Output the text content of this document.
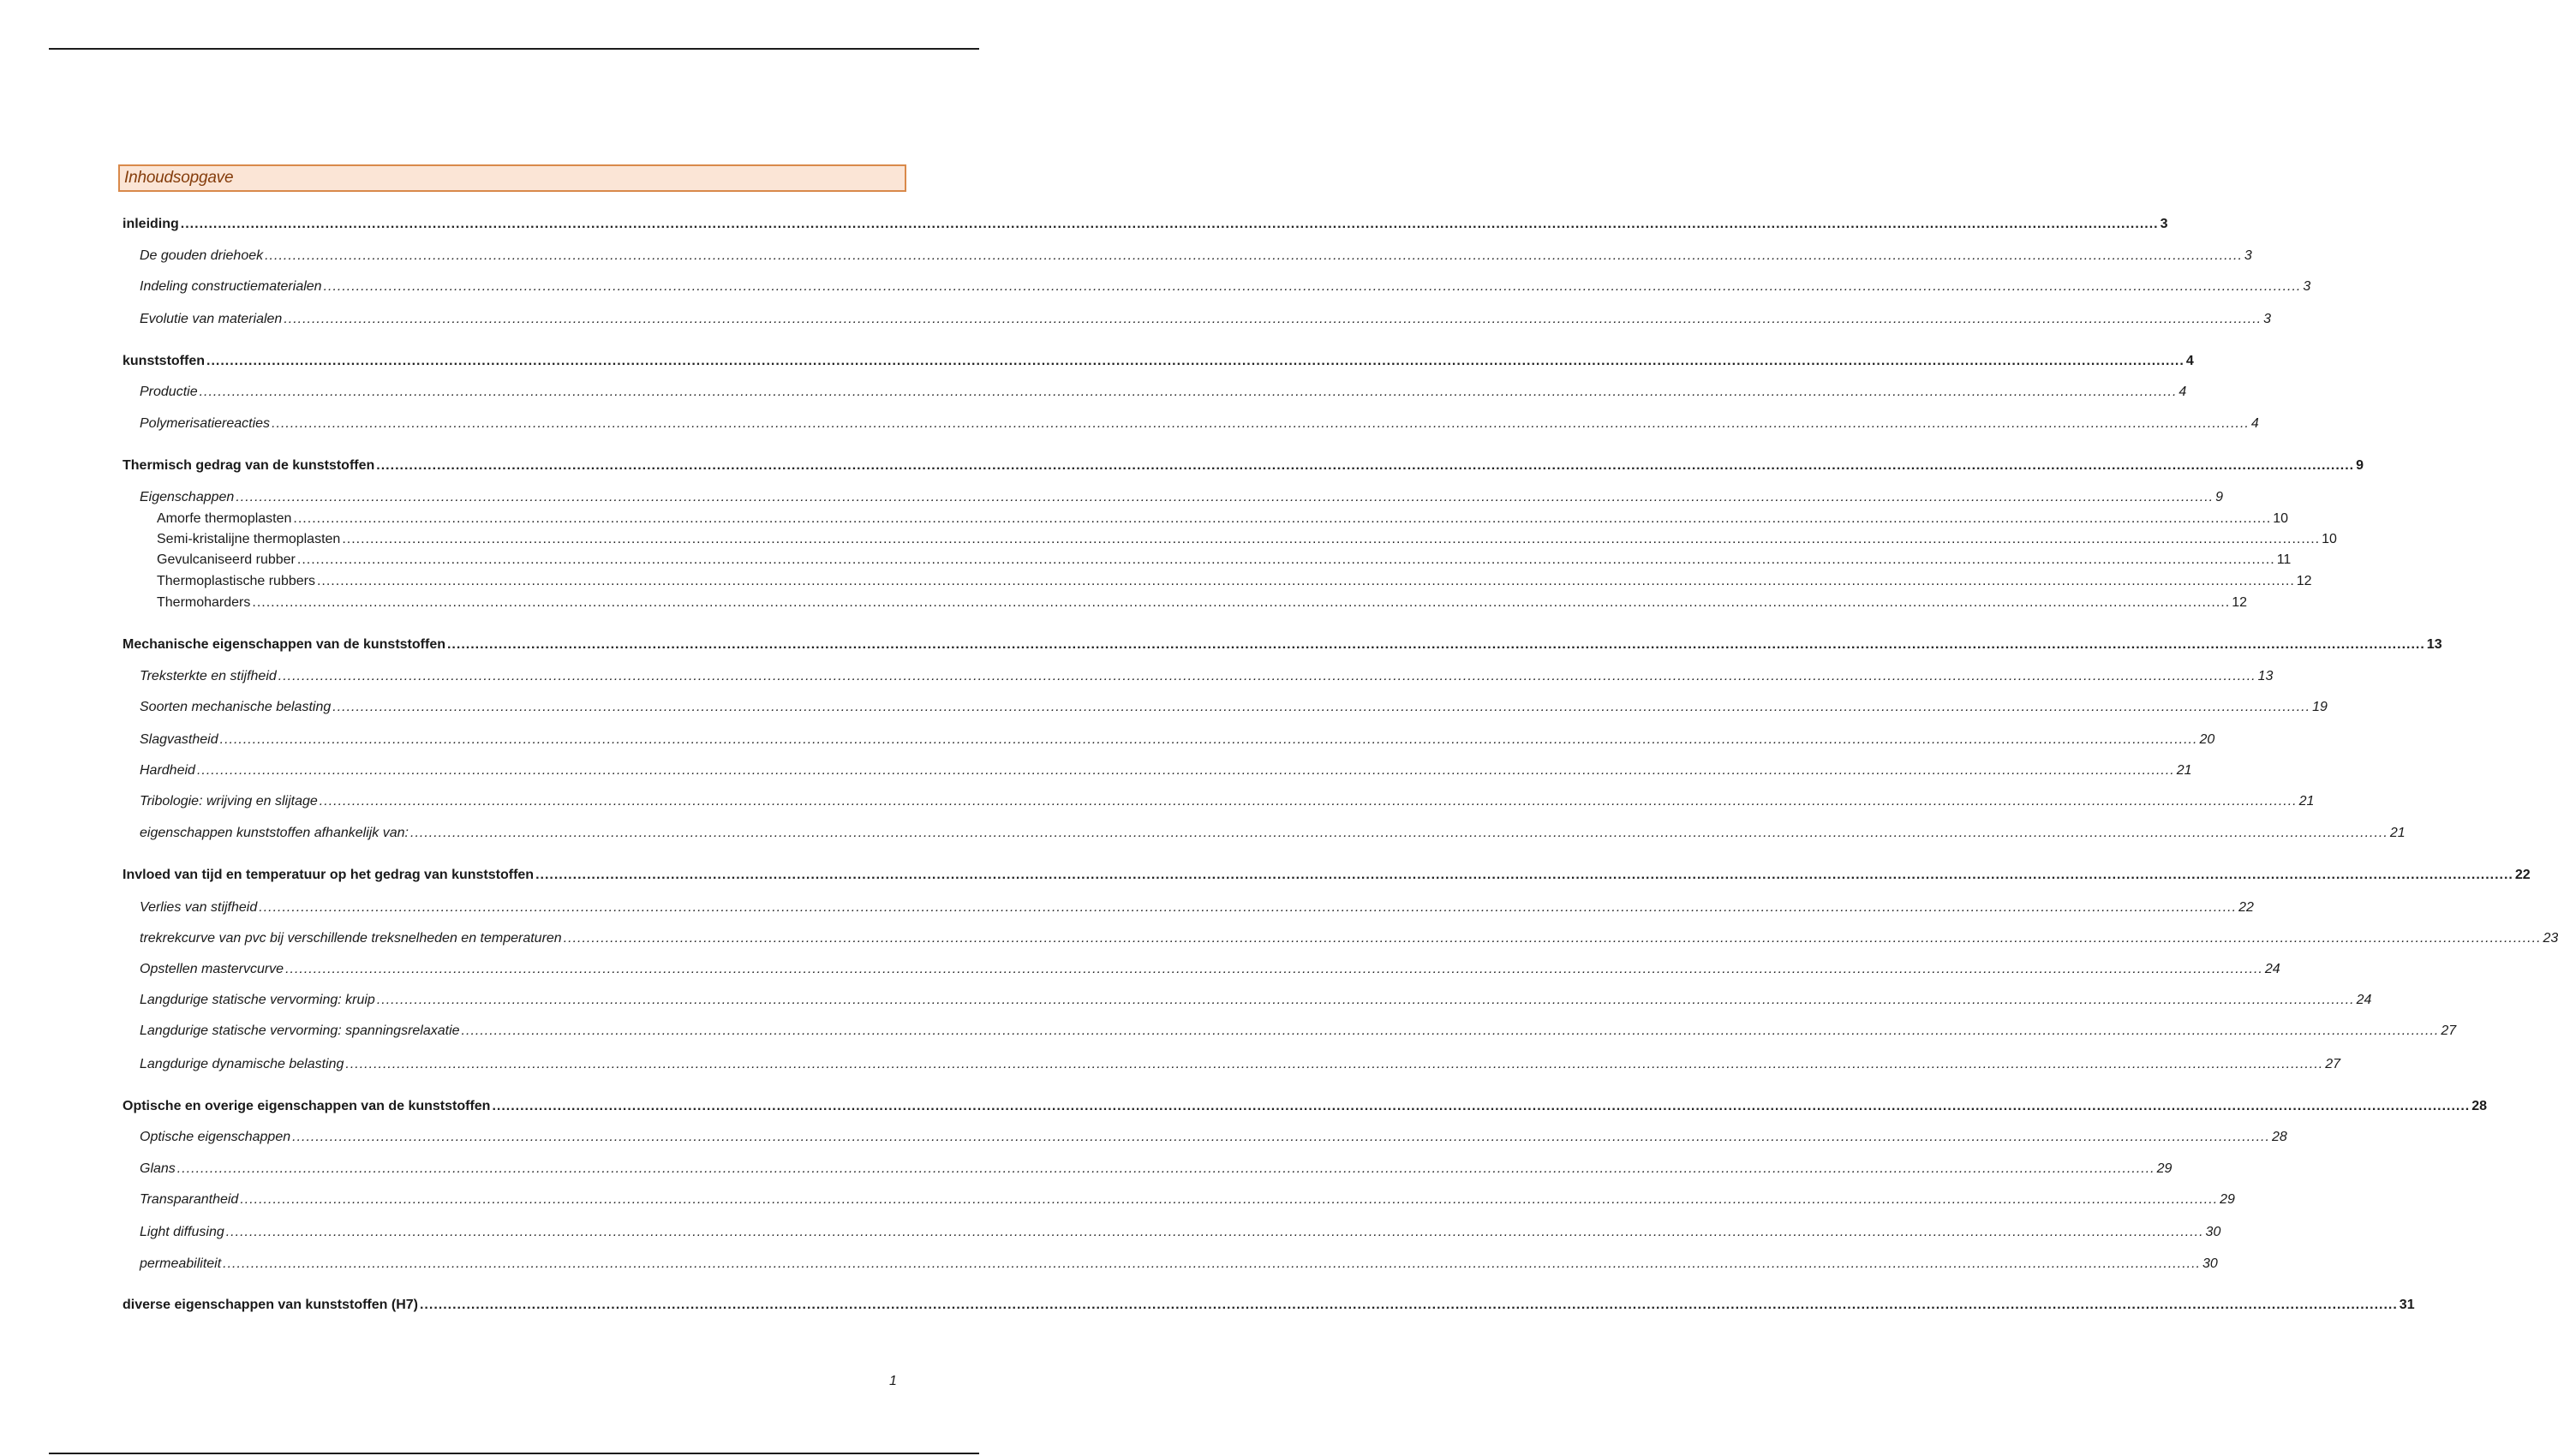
Inhoudsopgave
inleiding ........................................................................................................................................................................................................................................................................................................................................................................................................................................ 3
De gouden driehoek ........................................................................................................................................................................................................................................................................................................................................................................................................................................ 3
Indeling constructiematerialen ........................................................................................................................................................................................................................................................................................................................................................................................................................................ 3
Evolutie van materialen ........................................................................................................................................................................................................................................................................................................................................................................................................................................ 3
kunststoffen ........................................................................................................................................................................................................................................................................................................................................................................................................................................ 4
Productie ........................................................................................................................................................................................................................................................................................................................................................................................................................................ 4
Polymerisatiereacties ........................................................................................................................................................................................................................................................................................................................................................................................................................................ 4
Thermisch gedrag van de kunststoffen ........................................................................................................................................................................................................................................................................................................................................................................................................................................ 9
Eigenschappen ........................................................................................................................................................................................................................................................................................................................................................................................................................................ 9
Amorfe thermoplasten ........................................................................................................................................................................................................................................................................................................................................................................................................................................ 10
Semi-kristalijne thermoplasten ........................................................................................................................................................................................................................................................................................................................................................................................................................................ 10
Gevulcaniseerd rubber ........................................................................................................................................................................................................................................................................................................................................................................................................................................ 11
Thermoplastische rubbers ........................................................................................................................................................................................................................................................................................................................................................................................................................................ 12
Thermoharders ........................................................................................................................................................................................................................................................................................................................................................................................................................................ 12
Mechanische eigenschappen van de kunststoffen ........................................................................................................................................................................................................................................................................................................................................................................................................................................ 13
Treksterkte en stijfheid ........................................................................................................................................................................................................................................................................................................................................................................................................................................ 13
Soorten mechanische belasting ........................................................................................................................................................................................................................................................................................................................................................................................................................................ 19
Slagvastheid ........................................................................................................................................................................................................................................................................................................................................................................................................................................ 20
Hardheid ........................................................................................................................................................................................................................................................................................................................................................................................................................................ 21
Tribologie: wrijving en slijtage ........................................................................................................................................................................................................................................................................................................................................................................................................................................ 21
eigenschappen kunststoffen afhankelijk van: ........................................................................................................................................................................................................................................................................................................................................................................................................................................ 21
Invloed van tijd en temperatuur op het gedrag van kunststoffen ........................................................................................................................................................................................................................................................................................................................................................................................................................................ 22
Verlies van stijfheid ........................................................................................................................................................................................................................................................................................................................................................................................................................................ 22
trekrekcurve van pvc bij verschillende treksnelheden en temperaturen ........................................................................................................................................................................................................................................................................................................................................................................................................................................ 23
Opstellen mastervcurve ........................................................................................................................................................................................................................................................................................................................................................................................................................................ 24
Langdurige statische vervorming: kruip ........................................................................................................................................................................................................................................................................................................................................................................................................................................ 24
Langdurige statische vervorming: spanningsrelaxatie ........................................................................................................................................................................................................................................................................................................................................................................................................................................ 27
Langdurige dynamische belasting ........................................................................................................................................................................................................................................................................................................................................................................................................................................ 27
Optische en overige eigenschappen van de kunststoffen ........................................................................................................................................................................................................................................................................................................................................................................................................................................ 28
Optische eigenschappen ........................................................................................................................................................................................................................................................................................................................................................................................................................................ 28
Glans ........................................................................................................................................................................................................................................................................................................................................................................................................................................ 29
Transparantheid ........................................................................................................................................................................................................................................................................................................................................................................................................................................ 29
Light diffusing ........................................................................................................................................................................................................................................................................................................................................................................................................................................ 30
permeabiliteit ........................................................................................................................................................................................................................................................................................................................................................................................................................................ 30
diverse eigenschappen van kunststoffen (H7) ........................................................................................................................................................................................................................................................................................................................................................................................................................................ 31
1
